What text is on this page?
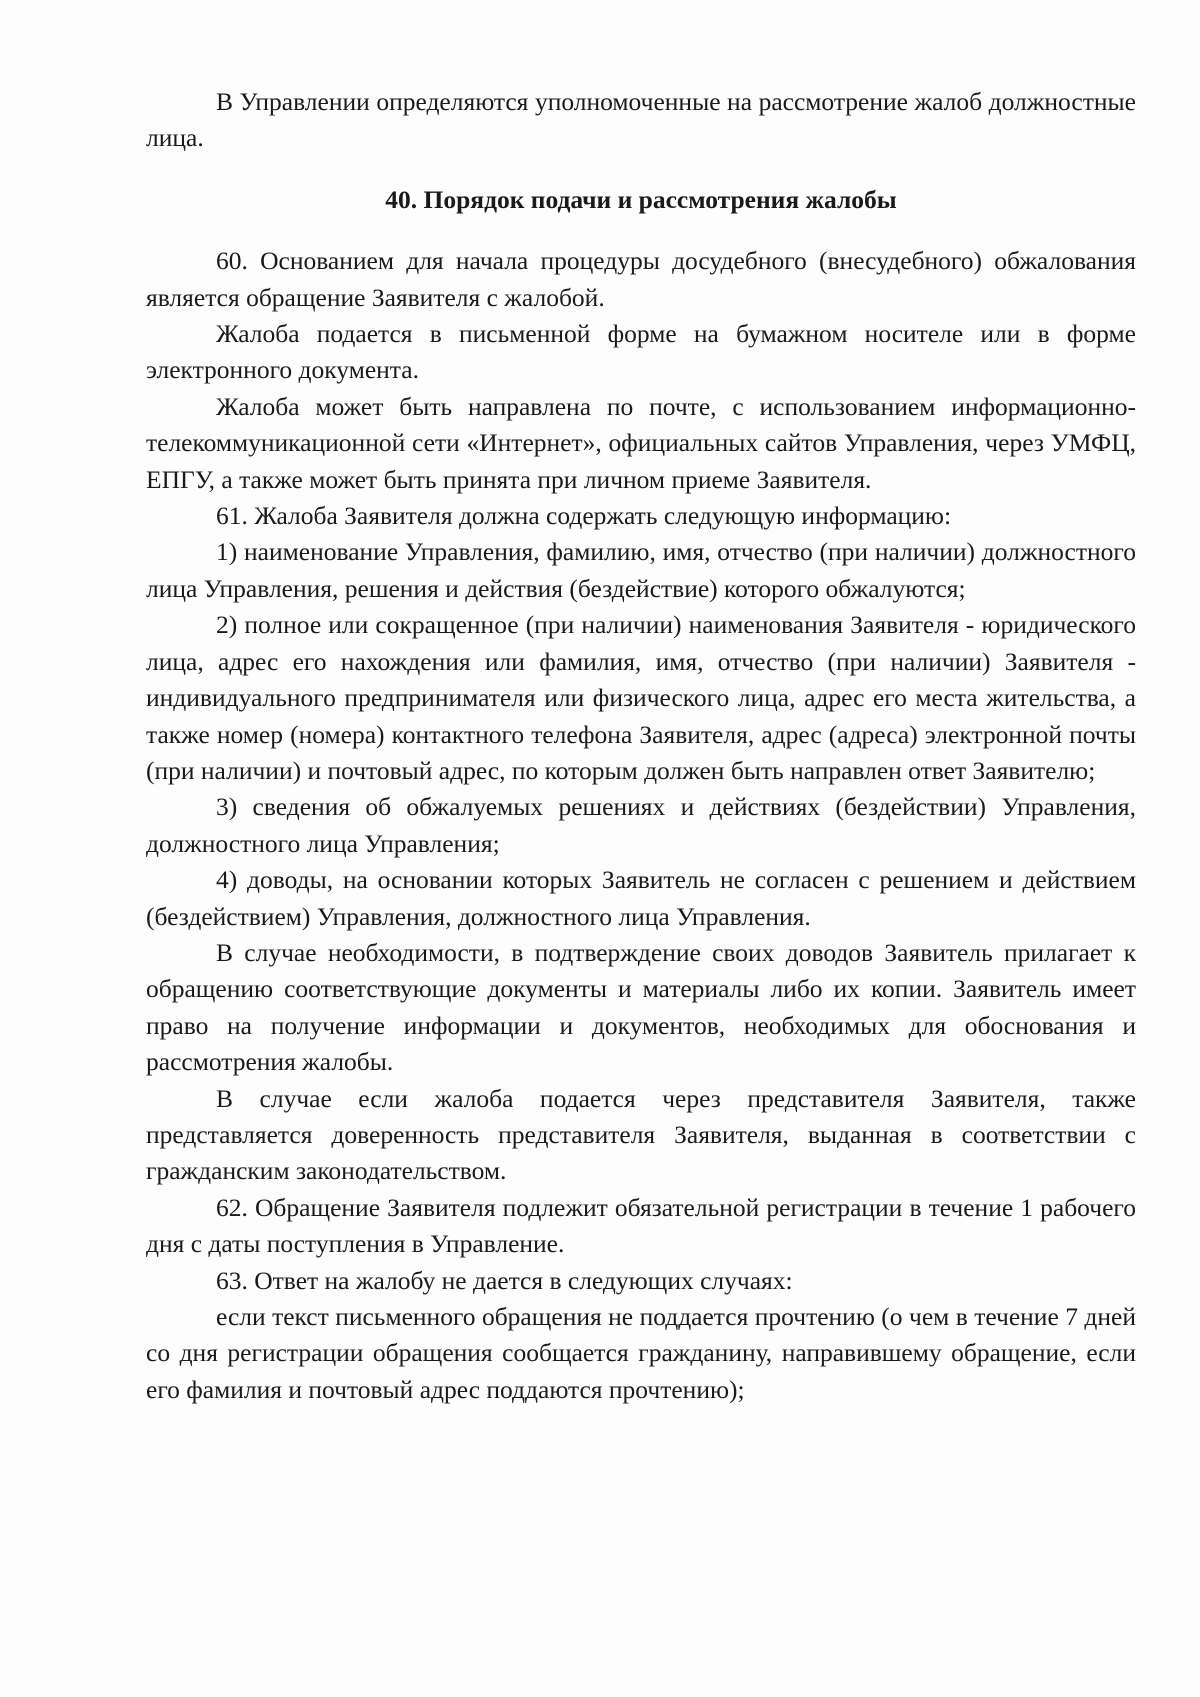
В Управлении определяются уполномоченные на рассмотрение жалоб должностные лица.

40. Порядок подачи и рассмотрения жалобы

60. Основанием для начала процедуры досудебного (внесудебного) обжалования является обращение Заявителя с жалобой.

Жалоба подается в письменной форме на бумажном носителе или в форме электронного документа.

Жалоба может быть направлена по почте, с использованием информационно-телекоммуникационной сети «Интернет», официальных сайтов Управления, через УМФЦ, ЕПГУ, а также может быть принята при личном приеме Заявителя.

61. Жалоба Заявителя должна содержать следующую информацию:

1) наименование Управления, фамилию, имя, отчество (при наличии) должностного лица Управления, решения и действия (бездействие) которого обжалуются;

2) полное или сокращенное (при наличии) наименования Заявителя - юридического лица, адрес его нахождения или фамилия, имя, отчество (при наличии) Заявителя - индивидуального предпринимателя или физического лица, адрес его места жительства, а также номер (номера) контактного телефона Заявителя, адрес (адреса) электронной почты (при наличии) и почтовый адрес, по которым должен быть направлен ответ Заявителю;

3) сведения об обжалуемых решениях и действиях (бездействии) Управления, должностного лица Управления;

4) доводы, на основании которых Заявитель не согласен с решением и действием (бездействием) Управления, должностного лица Управления.

В случае необходимости, в подтверждение своих доводов Заявитель прилагает к обращению соответствующие документы и материалы либо их копии. Заявитель имеет право на получение информации и документов, необходимых для обоснования и рассмотрения жалобы.

В случае если жалоба подается через представителя Заявителя, также представляется доверенность представителя Заявителя, выданная в соответствии с гражданским законодательством.

62. Обращение Заявителя подлежит обязательной регистрации в течение 1 рабочего дня с даты поступления в Управление.

63. Ответ на жалобу не дается в следующих случаях:

если текст письменного обращения не поддается прочтению (о чем в течение 7 дней со дня регистрации обращения сообщается гражданину, направившему обращение, если его фамилия и почтовый адрес поддаются прочтению);
